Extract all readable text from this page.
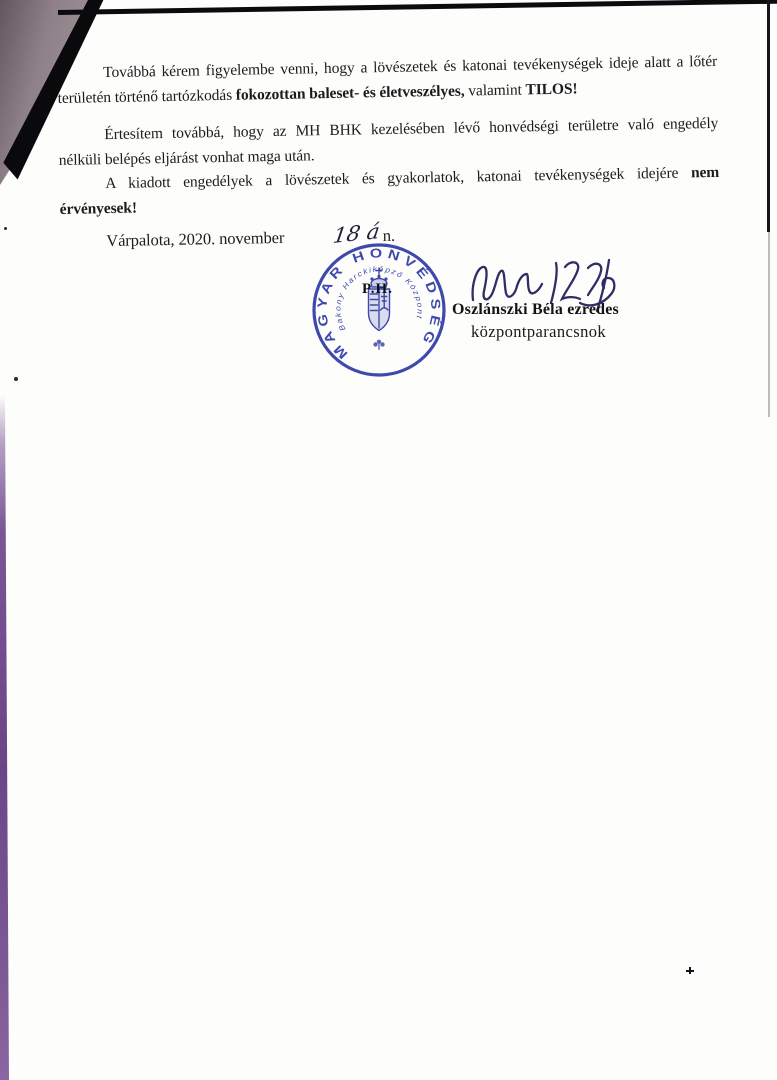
Továbbá kérem figyelembe venni, hogy a lövészetek és katonai tevékenységek ideje alatt a lőtér
területén történő tartózkodás fokozottan baleset- és életveszélyes, valamint TILOS!
Értesítem továbbá, hogy az MH BHK kezelésében lévő honvédségi területre való engedély
nélküli belépés eljárást vonhat maga után.
A kiadott engedélyek a lövészetek és gyakorlatok, katonai tevékenységek idejére nem
érvényesek!
Várpalota, 2020. november 18 án.
MAGYAR HONVÉDSÉG
Bakony Harckiképző Központ
P.H.
Oszlánszki Béla ezredes
központparancsnok
